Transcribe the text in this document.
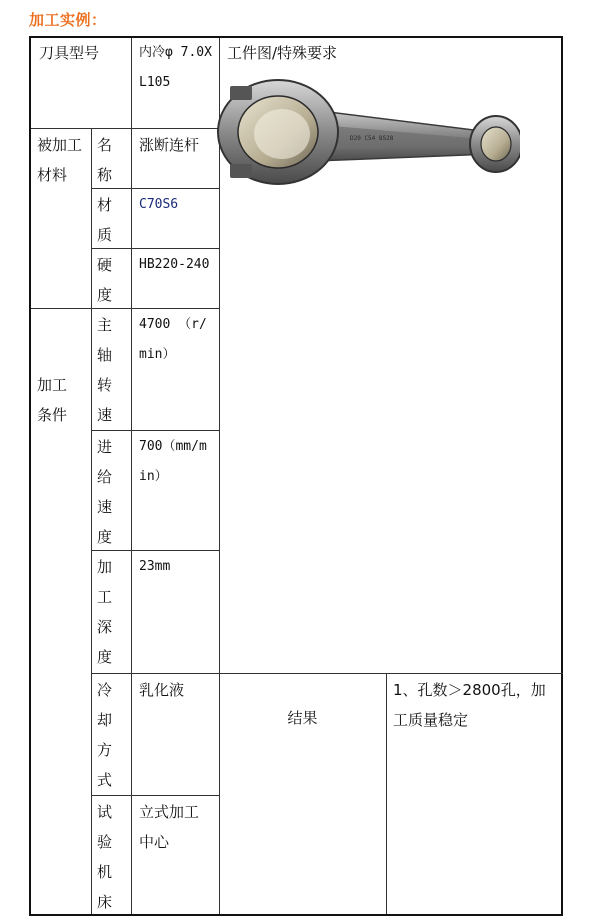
加工实例：
刀具型号	内冷φ 7.0XL105
工件图/特殊要求
被加工材料
名称
涨断连杆
材质
C70S6
硬度
HB220-240
加工条件
主轴转速
4700 （r/min）
进给速度
700（mm/min）
加工深度
23mm
冷却方式
乳化液
试验机床
立式加工中心
结果
1、孔数＞2800孔，加工质量稳定
D20 C54 8S28
